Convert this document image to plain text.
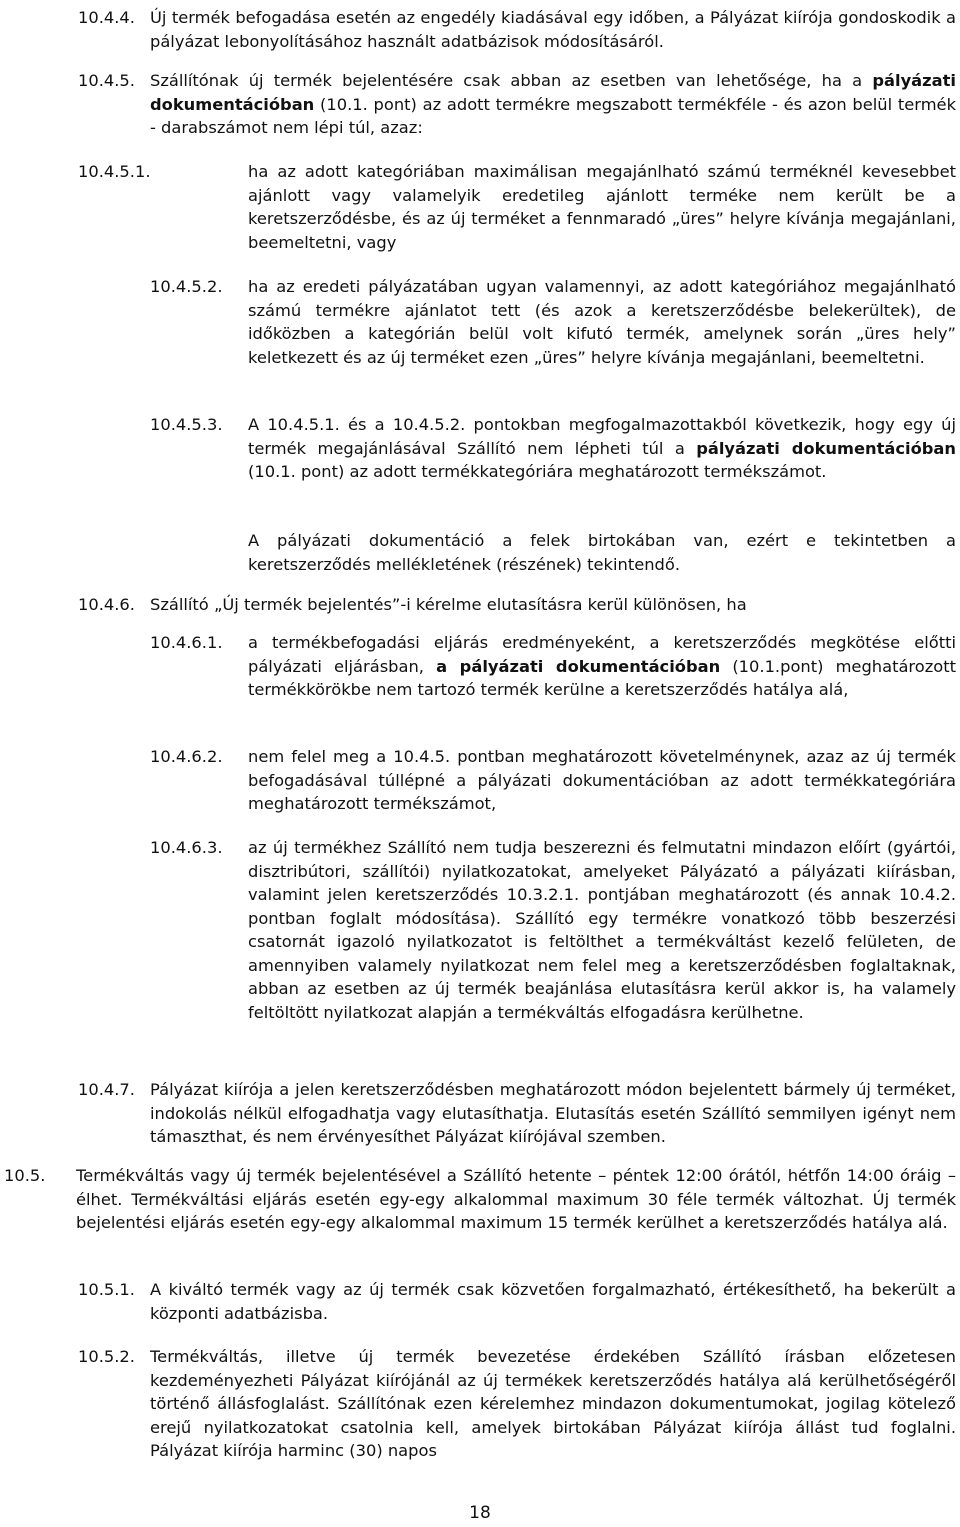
10.4.4. Új termék befogadása esetén az engedély kiadásával egy időben, a Pályázat kiírója gondoskodik a pályázat lebonyolításához használt adatbázisok módosításáról.

10.4.5. Szállítónak új termék bejelentésére csak abban az esetben van lehetősége, ha a pályázati dokumentációban (10.1. pont) az adott termékre megszabott termékféle - és azon belül termék - darabszámot nem lépi túl, azaz:

10.4.5.1.	ha az adott kategóriában maximálisan megajánlható számú terméknél kevesebbet ajánlott vagy valamelyik eredetileg ajánlott terméke nem került be a keretszerződésbe, és az új terméket a fennmaradó „üres” helyre kívánja megajánlani, beemeltetni, vagy

10.4.5.2. ha az eredeti pályázatában ugyan valamennyi, az adott kategóriához megajánlható számú termékre ajánlatot tett (és azok a keretszerződésbe belekerültek), de időközben a kategórián belül volt kifutó termék, amelynek során „üres hely” keletkezett és az új terméket ezen „üres” helyre kívánja megajánlani, beemeltetni.

10.4.5.3. A 10.4.5.1. és a 10.4.5.2. pontokban megfogalmazottakból következik, hogy egy új termék megajánlásával Szállító nem lépheti túl a pályázati dokumentációban (10.1. pont) az adott termékkategóriára meghatározott termékszámot.

A pályázati dokumentáció a felek birtokában van, ezért e tekintetben a keretszerződés mellékletének (részének) tekintendő.

10.4.6. Szállító „Új termék bejelentés”-i kérelme elutasításra kerül különösen, ha

10.4.6.1. a termékbefogadási eljárás eredményeként, a keretszerződés megkötése előtti pályázati eljárásban, a pályázati dokumentációban (10.1.pont) meghatározott termékkörökbe nem tartozó termék kerülne a keretszerződés hatálya alá,

10.4.6.2. nem felel meg a 10.4.5. pontban meghatározott követelménynek, azaz az új termék befogadásával túllépné a pályázati dokumentációban az adott termékkategóriára meghatározott termékszámot,

10.4.6.3. az új termékhez Szállító nem tudja beszerezni és felmutatni mindazon előírt (gyártói, disztribútori, szállítói) nyilatkozatokat, amelyeket Pályázató a pályázati kiírásban, valamint jelen keretszerződés 10.3.2.1. pontjában meghatározott (és annak 10.4.2. pontban foglalt módosítása). Szállító egy termékre vonatkozó több beszerzési csatornát igazoló nyilatkozatot is feltölthet a termékváltást kezelő felületen, de amennyiben valamely nyilatkozat nem felel meg a keretszerződésben foglaltaknak, abban az esetben az új termék beajánlása elutasításra kerül akkor is, ha valamely feltöltött nyilatkozat alapján a termékváltás elfogadásra kerülhetne.

10.4.7. Pályázat kiírója a jelen keretszerződésben meghatározott módon bejelentett bármely új terméket, indokolás nélkül elfogadhatja vagy elutasíthatja. Elutasítás esetén Szállító semmilyen igényt nem támaszthat, és nem érvényesíthet Pályázat kiírójával szemben.

10.5. Termékváltás vagy új termék bejelentésével a Szállító hetente – péntek 12:00 órától, hétfőn 14:00 óráig – élhet. Termékváltási eljárás esetén egy-egy alkalommal maximum 30 féle termék változhat. Új termék bejelentési eljárás esetén egy-egy alkalommal maximum 15 termék kerülhet a keretszerződés hatálya alá.

10.5.1. A kiváltó termék vagy az új termék csak közvetően forgalmazható, értékesíthető, ha bekerült a központi adatbázisba.

10.5.2. Termékváltás, illetve új termék bevezetése érdekében Szállító írásban előzetesen kezdeményezheti Pályázat kiírójánál az új termékek keretszerződés hatálya alá kerülhetőségéről történő állásfoglalást. Szállítónak ezen kérelemhez mindazon dokumentumokat, jogilag kötelező erejű nyilatkozatokat csatolnia kell, amelyek birtokában Pályázat kiírója állást tud foglalni. Pályázat kiírója harminc (30) napos

18
